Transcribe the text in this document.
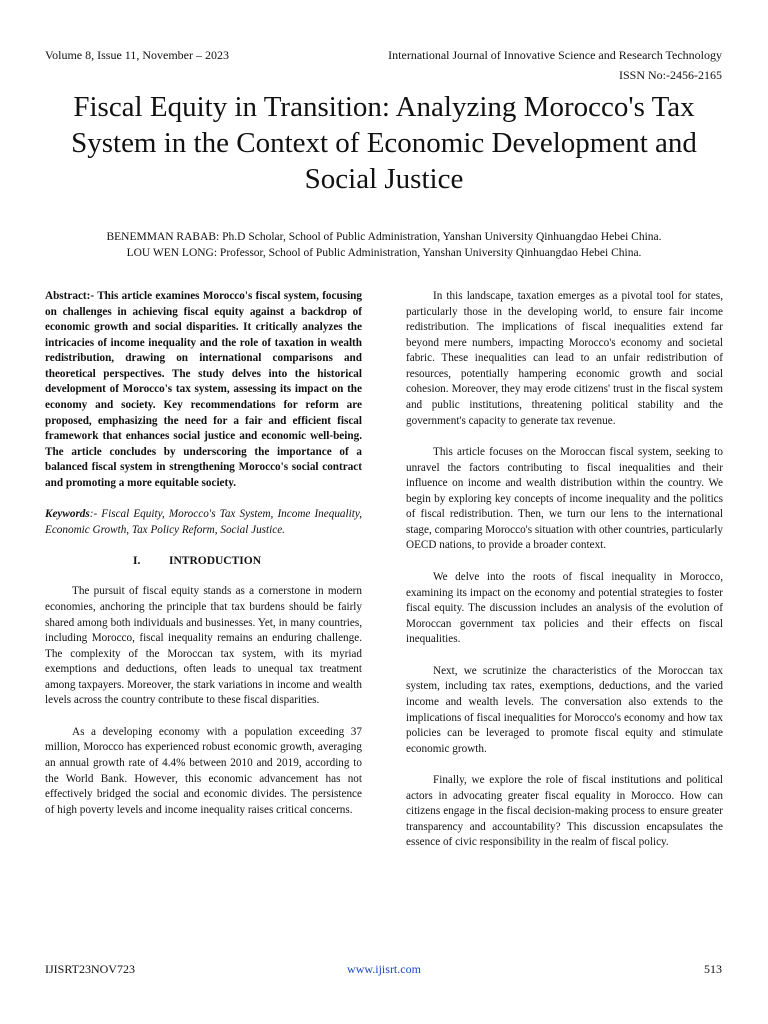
Volume 8, Issue 11, November – 2023	International Journal of Innovative Science and Research Technology
ISSN No:-2456-2165
Fiscal Equity in Transition: Analyzing Morocco's Tax System in the Context of Economic Development and Social Justice
BENEMMAN RABAB: Ph.D Scholar, School of Public Administration, Yanshan University Qinhuangdao Hebei China.
LOU WEN LONG: Professor, School of Public Administration, Yanshan University Qinhuangdao Hebei China.

Abstract:- This article examines Morocco's fiscal system, focusing on challenges in achieving fiscal equity against a backdrop of economic growth and social disparities. It critically analyzes the intricacies of income inequality and the role of taxation in wealth redistribution, drawing on international comparisons and theoretical perspectives. The study delves into the historical development of Morocco's tax system, assessing its impact on the economy and society. Key recommendations for reform are proposed, emphasizing the need for a fair and efficient fiscal framework that enhances social justice and economic well-being. The article concludes by underscoring the importance of a balanced fiscal system in strengthening Morocco's social contract and promoting a more equitable society.

Keywords:- Fiscal Equity, Morocco's Tax System, Income Inequality, Economic Growth, Tax Policy Reform, Social Justice.

I. INTRODUCTION

The pursuit of fiscal equity stands as a cornerstone in modern economies, anchoring the principle that tax burdens should be fairly shared among both individuals and businesses. Yet, in many countries, including Morocco, fiscal inequality remains an enduring challenge. The complexity of the Moroccan tax system, with its myriad exemptions and deductions, often leads to unequal tax treatment among taxpayers. Moreover, the stark variations in income and wealth levels across the country contribute to these fiscal disparities.

As a developing economy with a population exceeding 37 million, Morocco has experienced robust economic growth, averaging an annual growth rate of 4.4% between 2010 and 2019, according to the World Bank. However, this economic advancement has not effectively bridged the social and economic divides. The persistence of high poverty levels and income inequality raises critical concerns.

In this landscape, taxation emerges as a pivotal tool for states, particularly those in the developing world, to ensure fair income redistribution. The implications of fiscal inequalities extend far beyond mere numbers, impacting Morocco's economy and societal fabric. These inequalities can lead to an unfair redistribution of resources, potentially hampering economic growth and social cohesion. Moreover, they may erode citizens' trust in the fiscal system and public institutions, threatening political stability and the government's capacity to generate tax revenue.

This article focuses on the Moroccan fiscal system, seeking to unravel the factors contributing to fiscal inequalities and their influence on income and wealth distribution within the country. We begin by exploring key concepts of income inequality and the politics of fiscal redistribution. Then, we turn our lens to the international stage, comparing Morocco's situation with other countries, particularly OECD nations, to provide a broader context.

We delve into the roots of fiscal inequality in Morocco, examining its impact on the economy and potential strategies to foster fiscal equity. The discussion includes an analysis of the evolution of Moroccan government tax policies and their effects on fiscal inequalities.

Next, we scrutinize the characteristics of the Moroccan tax system, including tax rates, exemptions, deductions, and the varied income and wealth levels. The conversation also extends to the implications of fiscal inequalities for Morocco's economy and how tax policies can be leveraged to promote fiscal equity and stimulate economic growth.

Finally, we explore the role of fiscal institutions and political actors in advocating greater fiscal equality in Morocco. How can citizens engage in the fiscal decision-making process to ensure greater transparency and accountability? This discussion encapsulates the essence of civic responsibility in the realm of fiscal policy.

IJISRT23NOV723	www.ijisrt.com	513
